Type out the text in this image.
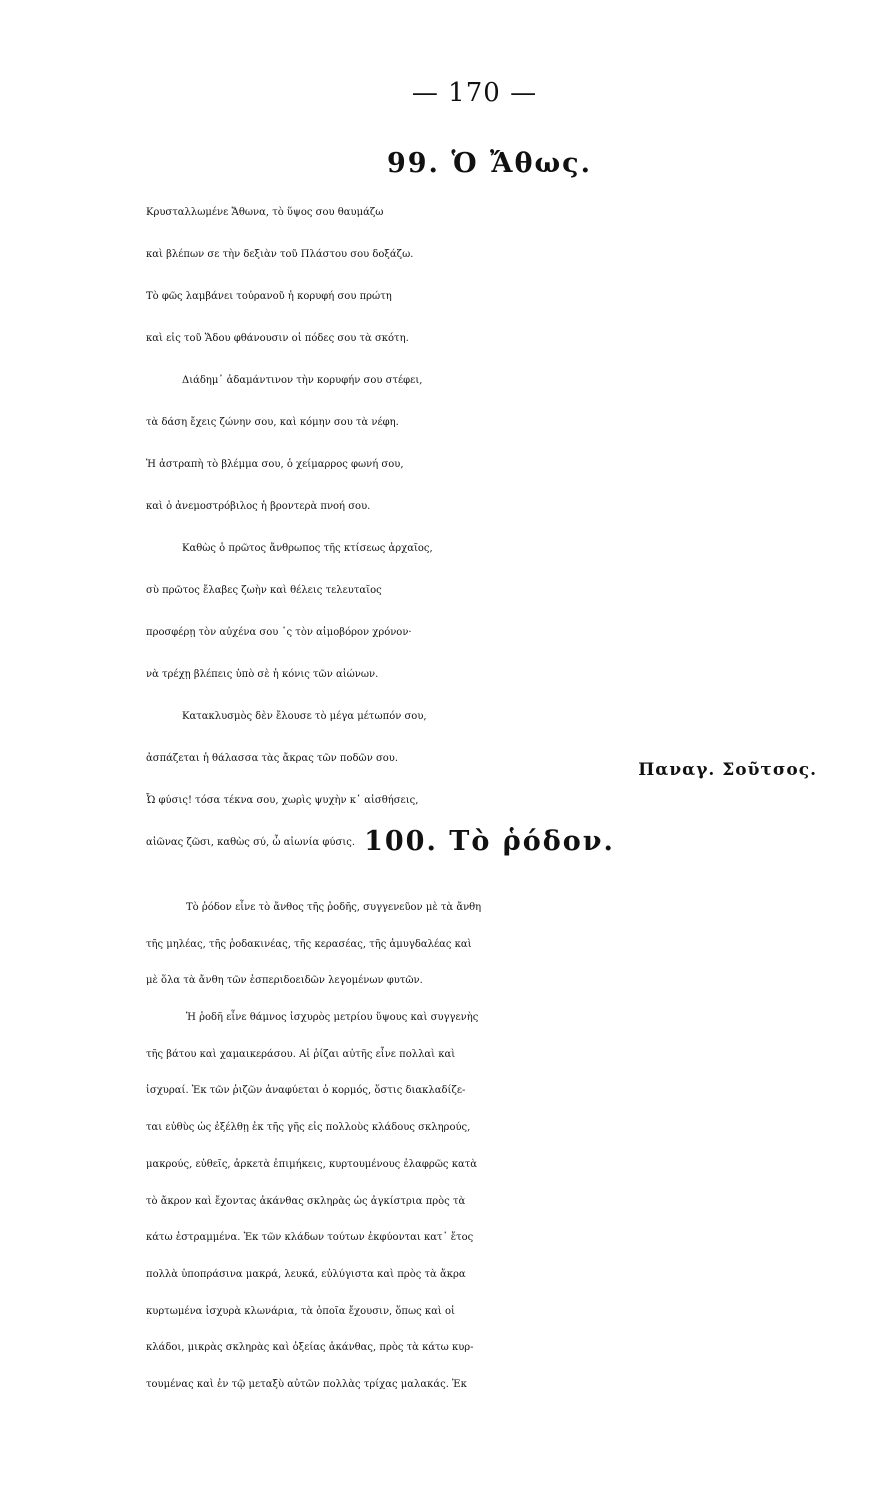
— 170 —
99. Ὁ Ἄθως.
Κρυσταλλωμένε Ἄθωνα, τὸ ὕψος σου θαυμάζω
καὶ βλέπων σε τὴν δεξιὰν τοῦ Πλάστου σου δοξάζω.
Τὸ φῶς λαμβάνει τοὐρανοῦ ἡ κορυφή σου πρώτη
καὶ εἰς τοῦ Ἅδου φθάνουσιν οἱ πόδες σου τὰ σκότη.
Διάδημ᾿ ἀδαμάντινον τὴν κορυφήν σου στέφει,
τὰ δάση ἔχεις ζώνην σου, καὶ κόμην σου τὰ νέφη.
Ἡ ἀστραπὴ τὸ βλέμμα σου, ὁ χείμαρρος φωνή σου,
καὶ ὁ ἀνεμοστρόβιλος ἡ βροντερὰ πνοή σου.
Καθὼς ὁ πρῶτος ἄνθρωπος τῆς κτίσεως ἀρχαῖος,
σὺ πρῶτος ἔλαβες ζωὴν καὶ θέλεις τελευταῖος
προσφέρῃ τὸν αὐχένα σου ᾽ς τὸν αἱμοβόρον χρόνον·
νὰ τρέχῃ βλέπεις ὑπὸ σὲ ἡ κόνις τῶν αἰώνων.
Κατακλυσμὸς δὲν ἔλουσε τὸ μέγα μέτωπόν σου,
ἀσπάζεται ἡ θάλασσα τὰς ἄκρας τῶν ποδῶν σου.
Ὦ φύσις! τόσα τέκνα σου, χωρὶς ψυχὴν κ᾿ αἰσθήσεις,
αἰῶνας ζῶσι, καθὼς σύ, ὦ αἰωνία φύσις.
Παναγ. Σοῦτσος.
100. Τὸ ῥόδον.
Τὸ ῥόδον εἶνε τὸ ἄνθος τῆς ῥοδῆς, συγγενεῦον μὲ τὰ ἄνθη
τῆς μηλέας, τῆς ῥοδακινέας, τῆς κερασέας, τῆς ἀμυγδαλέας καὶ
μὲ ὅλα τὰ ἄνθη τῶν ἑσπεριδοειδῶν λεγομένων φυτῶν.
Ἡ ῥοδῆ εἶνε θάμνος ἰσχυρὸς μετρίου ὕψους καὶ συγγενὴς
τῆς βάτου καὶ χαμαικεράσου. Αἱ ῥίζαι αὐτῆς εἶνε πολλαὶ καὶ
ἰσχυραί. Ἐκ τῶν ῥιζῶν ἀναφύεται ὁ κορμός, ὅστις διακλαδίζε-
ται εὐθὺς ὡς ἐξέλθῃ ἐκ τῆς γῆς εἰς πολλοὺς κλάδους σκληρούς,
μακρούς, εὐθεῖς, ἀρκετὰ ἐπιμήκεις, κυρτουμένους ἐλαφρῶς κατὰ
τὸ ἄκρον καὶ ἔχοντας ἀκάνθας σκληρὰς ὡς ἀγκίστρια πρὸς τὰ
κάτω ἐστραμμένα. Ἐκ τῶν κλάδων τούτων ἐκφύονται κατ᾿ ἔτος
πολλὰ ὑποπράσινα μακρά, λευκά, εὐλύγιστα καὶ πρὸς τὰ ἄκρα
κυρτωμένα ἰσχυρὰ κλωνάρια, τὰ ὁποῖα ἔχουσιν, ὅπως καὶ οἱ
κλάδοι, μικρὰς σκληρὰς καὶ ὀξείας ἀκάνθας, πρὸς τὰ κάτω κυρ-
τουμένας καὶ ἐν τῷ μεταξὺ αὐτῶν πολλὰς τρίχας μαλακάς. Ἐκ
